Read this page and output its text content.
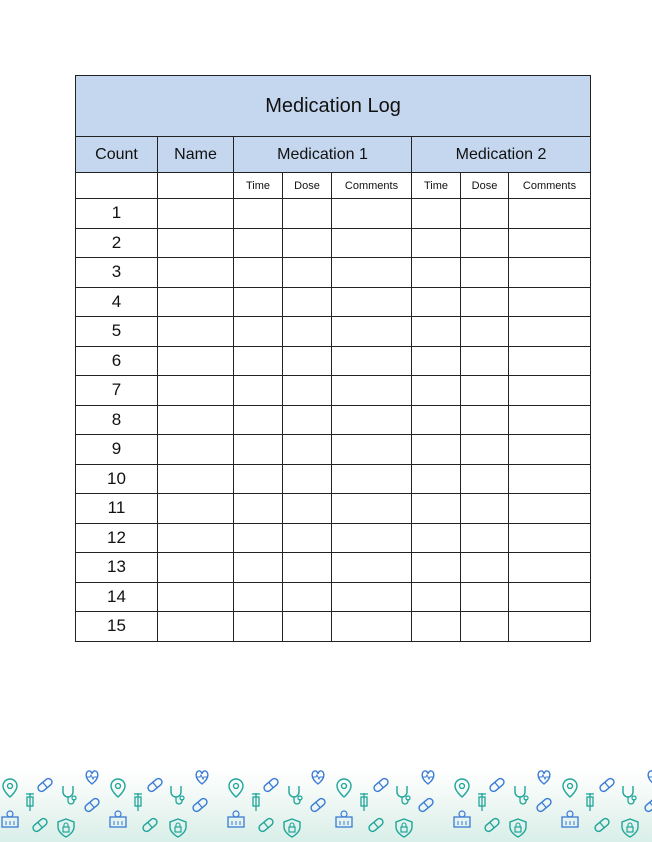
Medication Log							
Count	Name	Medication 1			Medication 2		
		Time	Dose	Comments	Time	Dose	Comments
1							
2							
3							
4							
5							
6							
7							
8							
9							
10							
11							
12							
13							
14							
15							
